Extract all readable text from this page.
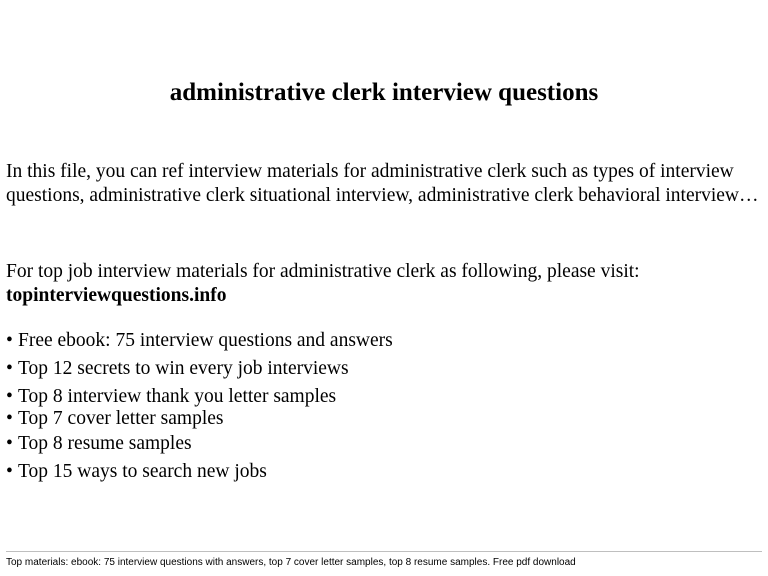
administrative clerk interview questions

In this file, you can ref interview materials for administrative clerk such as types of interview questions, administrative clerk situational interview, administrative clerk behavioral interview…

For top job interview materials for administrative clerk as following, please visit:
topinterviewquestions.info

• Free ebook: 75 interview questions and answers
• Top 12 secrets to win every job interviews
• Top 8 interview thank you letter samples
• Top 7 cover letter samples
• Top 8 resume samples
• Top 15 ways to search new jobs
Top materials: ebook: 75 interview questions with answers, top 7 cover letter samples, top 8 resume samples. Free pdf download
